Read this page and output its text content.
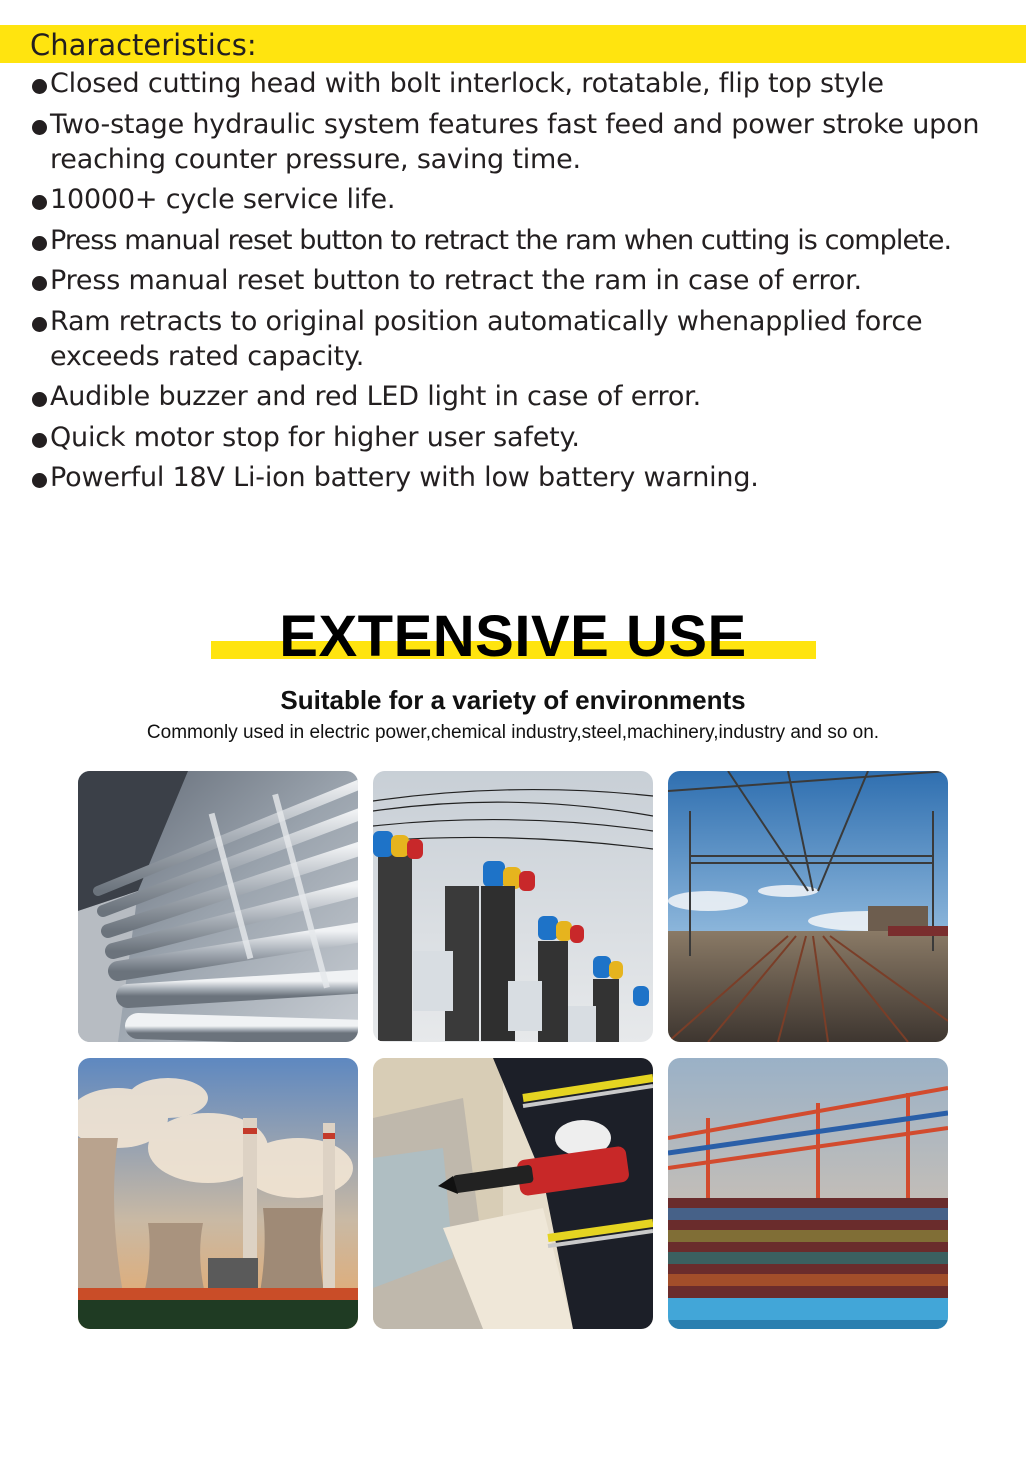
Characteristics:
Closed cutting head with bolt interlock, rotatable, flip top style
Two-stage hydraulic system features fast feed and power stroke upon reaching counter pressure, saving time.
10000+ cycle service life.
Press manual reset button to retract the ram when cutting is complete.
Press manual reset button to retract the ram in case of error.
Ram retracts to original position automatically whenapplied force exceeds rated capacity.
Audible buzzer and red LED light in case of error.
Quick motor stop for higher user safety.
Powerful 18V Li-ion battery with low battery warning.
EXTENSIVE USE
Suitable for a variety of environments
Commonly used in electric power,chemical industry,steel,machinery,industry and so on.
